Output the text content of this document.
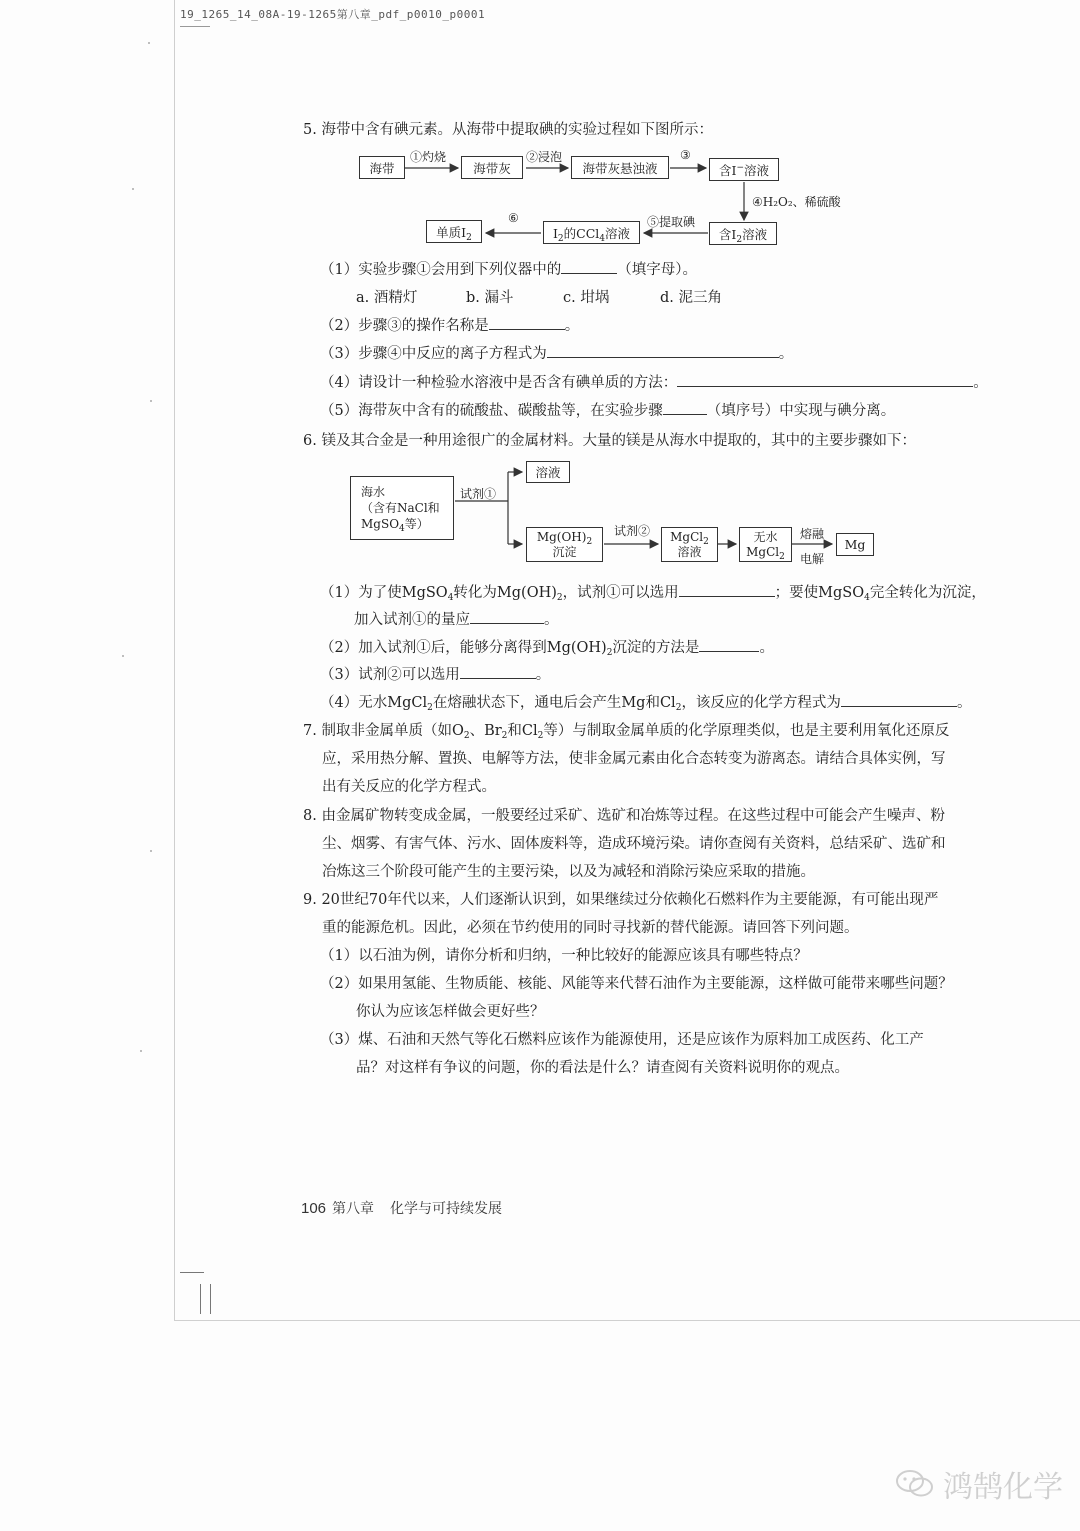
19_1265_14_08A-19-1265第八章_pdf_p0010_p0001
5. 海带中含有碘元素。从海带中提取碘的实验过程如下图所示：
海带
①灼烧
海带灰
②浸泡
海带灰悬浊液
③
含I−溶液
④H₂O₂、稀硫酸
含$I_2$溶液
⑤提取碘
$I_2$的CCl$_4$溶液
⑥
单质$I_2$
（1）实验步骤①会用到下列仪器中的	（填字母）。
a. 酒精灯	b. 漏斗	c. 坩埚	d. 泥三角
（2）步骤③的操作名称是	。
（3）步骤④中反应的离子方程式为	。
（4）请设计一种检验水溶液中是否含有碘单质的方法：	。
（5）海带灰中含有的硫酸盐、碳酸盐等，在实验步骤	（填序号）中实现与碘分离。
6. 镁及其合金是一种用途很广的金属材料。大量的镁是从海水中提取的，其中的主要步骤如下：
海水
（含有NaCl和
MgSO$_4$等）
试剂①
溶液
$Mg(OH)_2$
沉淀
试剂② MgCl$_2$
溶液
无水
MgCl$_2$
熔融
电解
Mg
（1）为了使MgSO$_4$转化为$Mg(OH)_2$，试剂①可以选用	；要使MgSO$_4$完全转化为沉淀，
加入试剂①的量应	。
（2）加入试剂①后，能够分离得到$Mg(OH)_2$沉淀的方法是	。
（3）试剂②可以选用	。
（4）无水MgCl$_2$在熔融状态下，通电后会产生Mg和$Cl_2$，该反应的化学方程式为	。
7. 制取非金属单质（如$O_2$、$Br_2$和$Cl_2$等）与制取金属单质的化学原理类似，也是主要利用氧化还原反
应，采用热分解、置换、电解等方法，使非金属元素由化合态转变为游离态。请结合具体实例，写
出有关反应的化学方程式。
8. 由金属矿物转变成金属，一般要经过采矿、选矿和冶炼等过程。在这些过程中可能会产生噪声、粉
尘、烟雾、有害气体、污水、固体废料等，造成环境污染。请你查阅有关资料，总结采矿、选矿和
冶炼这三个阶段可能产生的主要污染，以及为减轻和消除污染应采取的措施。
9. 20世纪70年代以来，人们逐渐认识到，如果继续过分依赖化石燃料作为主要能源，有可能出现严
重的能源危机。因此，必须在节约使用的同时寻找新的替代能源。请回答下列问题。
（1）以石油为例，请你分析和归纳，一种比较好的能源应该具有哪些特点？
（2）如果用氢能、生物质能、核能、风能等来代替石油作为主要能源，这样做可能带来哪些问题？
你认为应该怎样做会更好些？
（3）煤、石油和天然气等化石燃料应该作为能源使用，还是应该作为原料加工成医药、化工产
品？对这样有争议的问题，你的看法是什么？请查阅有关资料说明你的观点。
106 第八章 化学与可持续发展
鸿鹄化学
